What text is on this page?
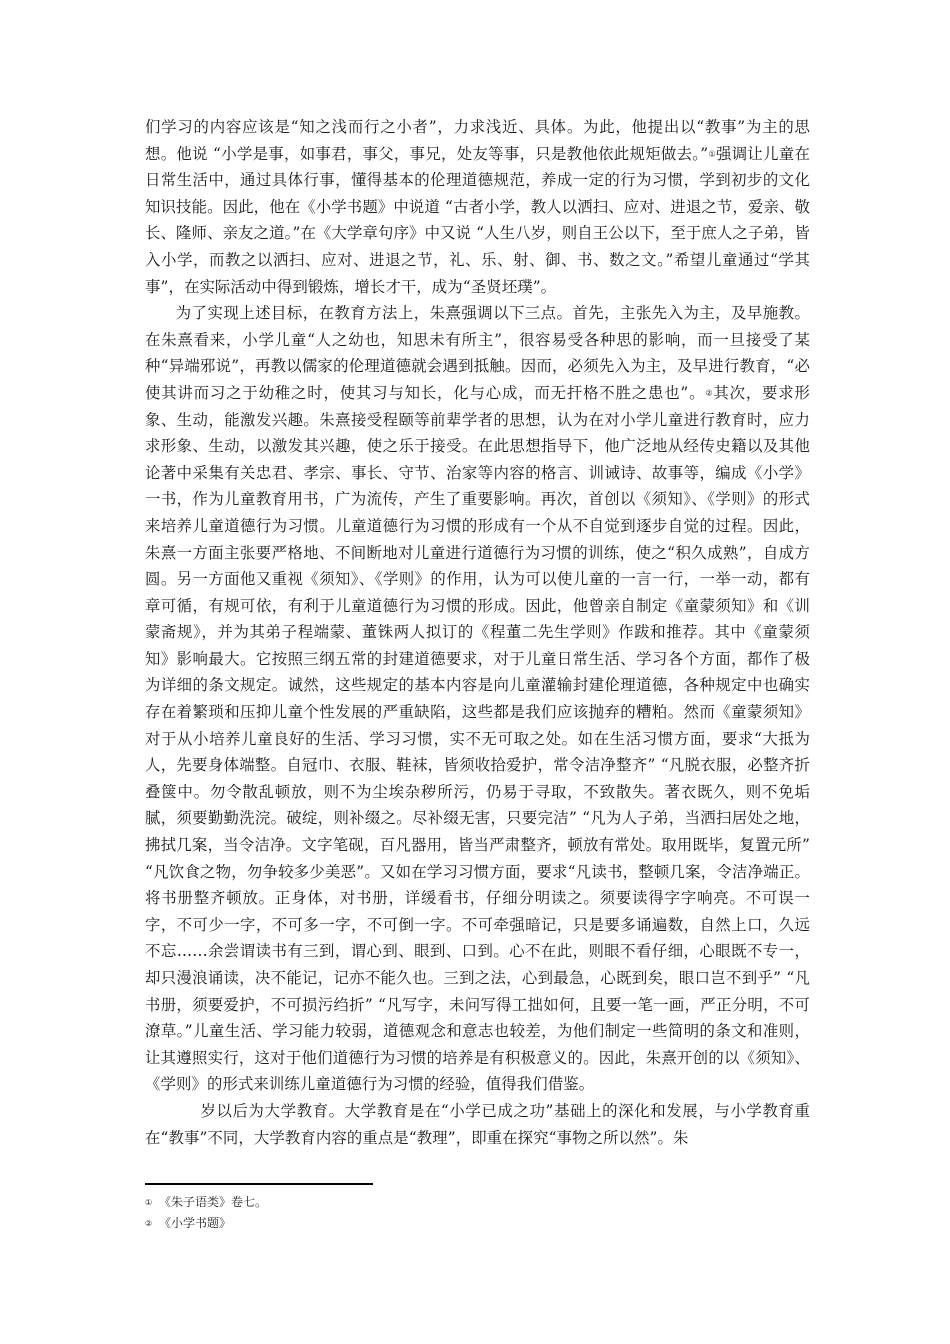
们学习的内容应该是“知之浅而行之小者”，力求浅近、具体。为此，他提出以“教事”为主的思想。他说 “小学是事，如事君，事父，事兄，处友等事，只是教他依此规矩做去。”①强调让儿童在日常生活中，通过具体行事，懂得基本的伦理道德规范，养成一定的行为习惯，学到初步的文化知识技能。因此，他在《小学书题》中说道 “古者小学，教人以洒扫、应对、进退之节，爱亲、敬长、隆师、亲友之道。”在《大学章句序》中又说 “人生八岁，则自王公以下，至于庶人之子弟，皆入小学，而教之以洒扫、应对、进退之节，礼、乐、射、御、书、数之文。”希望儿童通过“学其事”，在实际活动中得到锻炼，增长才干，成为“圣贤坯璞”。

为了实现上述目标，在教育方法上，朱熹强调以下三点。首先，主张先入为主，及早施教。在朱熹看来，小学儿童“人之幼也，知思未有所主”，很容易受各种思的影响，而一旦接受了某种“异端邪说”，再教以儒家的伦理道德就会遇到抵触。因而，必须先入为主，及早进行教育，“必使其讲而习之于幼稚之时，使其习与知长，化与心成，而无扞格不胜之患也”。②其次，要求形象、生动，能激发兴趣。朱熹接受程颐等前辈学者的思想，认为在对小学儿童进行教育时，应力求形象、生动，以激发其兴趣，使之乐于接受。在此思想指导下，他广泛地从经传史籍以及其他论著中采集有关忠君、孝宗、事长、守节、治家等内容的格言、训诫诗、故事等，编成《小学》一书，作为儿童教育用书，广为流传，产生了重要影响。再次，首创以《须知》、《学则》的形式来培养儿童道德行为习惯。儿童道德行为习惯的形成有一个从不自觉到逐步自觉的过程。因此，朱熹一方面主张要严格地、不间断地对儿童进行道德行为习惯的训练，使之“积久成熟”，自成方圆。另一方面他又重视《须知》、《学则》的作用，认为可以使儿童的一言一行，一举一动，都有章可循，有规可依，有利于儿童道德行为习惯的形成。因此，他曾亲自制定《童蒙须知》和《训蒙斋规》，并为其弟子程端蒙、董铢两人拟订的《程董二先生学则》作跋和推荐。其中《童蒙须知》影响最大。它按照三纲五常的封建道德要求，对于儿童日常生活、学习各个方面，都作了极为详细的条文规定。诚然，这些规定的基本内容是向儿童灌输封建伦理道德，各种规定中也确实存在着繁琐和压抑儿童个性发展的严重缺陷，这些都是我们应该抛弃的糟粕。然而《童蒙须知》对于从小培养儿童良好的生活、学习习惯，实不无可取之处。如在生活习惯方面，要求“大抵为人，先要身体端整。自冠巾、衣服、鞋袜，皆须收拾爱护，常令洁净整齐” “凡脱衣服，必整齐折叠箧中。勿令散乱顿放，则不为尘埃杂秽所污，仍易于寻取，不致散失。著衣既久，则不免垢腻，须要勤勤洗浣。破绽，则补缀之。尽补缀无害，只要完洁” “凡为人子弟，当洒扫居处之地，拂拭几案，当令洁净。文字笔砚，百凡器用，皆当严肃整齐，顿放有常处。取用既毕，复置元所” “凡饮食之物，勿争较多少美恶”。又如在学习习惯方面，要求“凡读书，整顿几案，令洁净端正。将书册整齐顿放。正身体，对书册，详缓看书，仔细分明读之。须要读得字字响亮。不可误一字，不可少一字，不可多一字，不可倒一字。不可牵强暗记，只是要多诵遍数，自然上口，久远不忘……余尝谓读书有三到，谓心到、眼到、口到。心不在此，则眼不看仔细，心眼既不专一，却只漫浪诵读，决不能记，记亦不能久也。三到之法，心到最急，心既到矣，眼口岂不到乎” “凡书册，须要爱护，不可损污绉折” “凡写字，未问写得工拙如何，且要一笔一画，严正分明，不可潦草。”儿童生活、学习能力较弱，道德观念和意志也较差，为他们制定一些简明的条文和准则，让其遵照实行，这对于他们道德行为习惯的培养是有积极意义的。因此，朱熹开创的以《须知》、《学则》的形式来训练儿童道德行为习惯的经验，值得我们借鉴。

岁以后为大学教育。大学教育是在“小学已成之功”基础上的深化和发展，与小学教育重在“教事”不同，大学教育内容的重点是“教理”，即重在探究“事物之所以然”。朱

① 《朱子语类》卷七。
② 《小学书题》
